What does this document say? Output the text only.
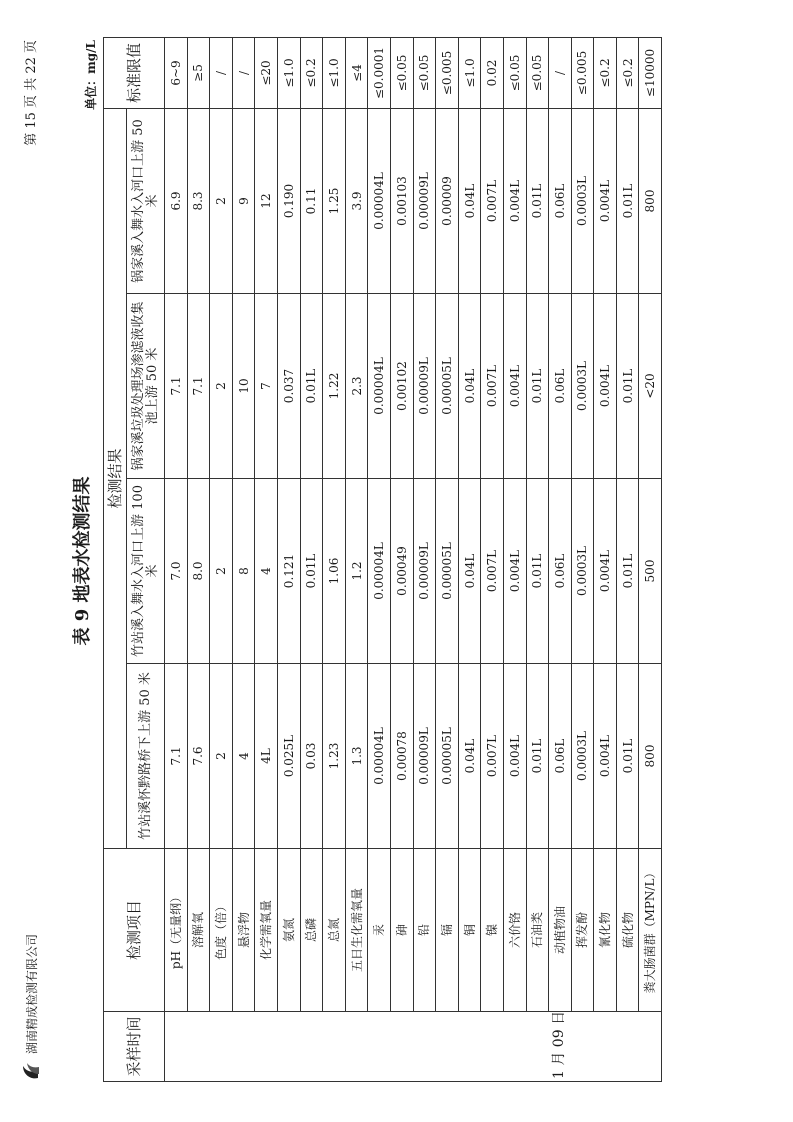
湖南精成检测有限公司
第 15 页 共 22 页
表 9 地表水检测结果
单位：mg/L
采样时间	检测项目	检测结果				标准限值
		竹站溪怀黔路桥下上游 50 米	竹站溪入舞水入河口上游 100 米	锅家溪垃圾处理场渗滤液收集池上游 50 米	锅家溪入舞水入河口上游 50 米	
1 月 09 日	pH（无量纲）	7.1	7.0	7.1	6.9	6~9
	溶解氧	7.6	8.0	7.1	8.3	≥5
	色度（倍）	2	2	2	2	/
	悬浮物	4	8	10	9	/
	化学需氧量	4L	4	7	12	≤20
	氨氮	0.025L	0.121	0.037	0.190	≤1.0
	总磷	0.03	0.01L	0.01L	0.11	≤0.2
	总氮	1.23	1.06	1.22	1.25	≤1.0
	五日生化需氧量	1.3	1.2	2.3	3.9	≤4
	汞	0.00004L	0.00004L	0.00004L	0.00004L	≤0.0001
	砷	0.00078	0.00049	0.00102	0.00103	≤0.05
	铅	0.00009L	0.00009L	0.00009L	0.00009L	≤0.05
	镉	0.00005L	0.00005L	0.00005L	0.00009	≤0.005
	铜	0.04L	0.04L	0.04L	0.04L	≤1.0
	镍	0.007L	0.007L	0.007L	0.007L	0.02
	六价铬	0.004L	0.004L	0.004L	0.004L	≤0.05
	石油类	0.01L	0.01L	0.01L	0.01L	≤0.05
	动植物油	0.06L	0.06L	0.06L	0.06L	/
	挥发酚	0.0003L	0.0003L	0.0003L	0.0003L	≤0.005
	氰化物	0.004L	0.004L	0.004L	0.004L	≤0.2
	硫化物	0.01L	0.01L	0.01L	0.01L	≤0.2
	粪大肠菌群（MPN/L）	800	500	<20	800	≤10000
